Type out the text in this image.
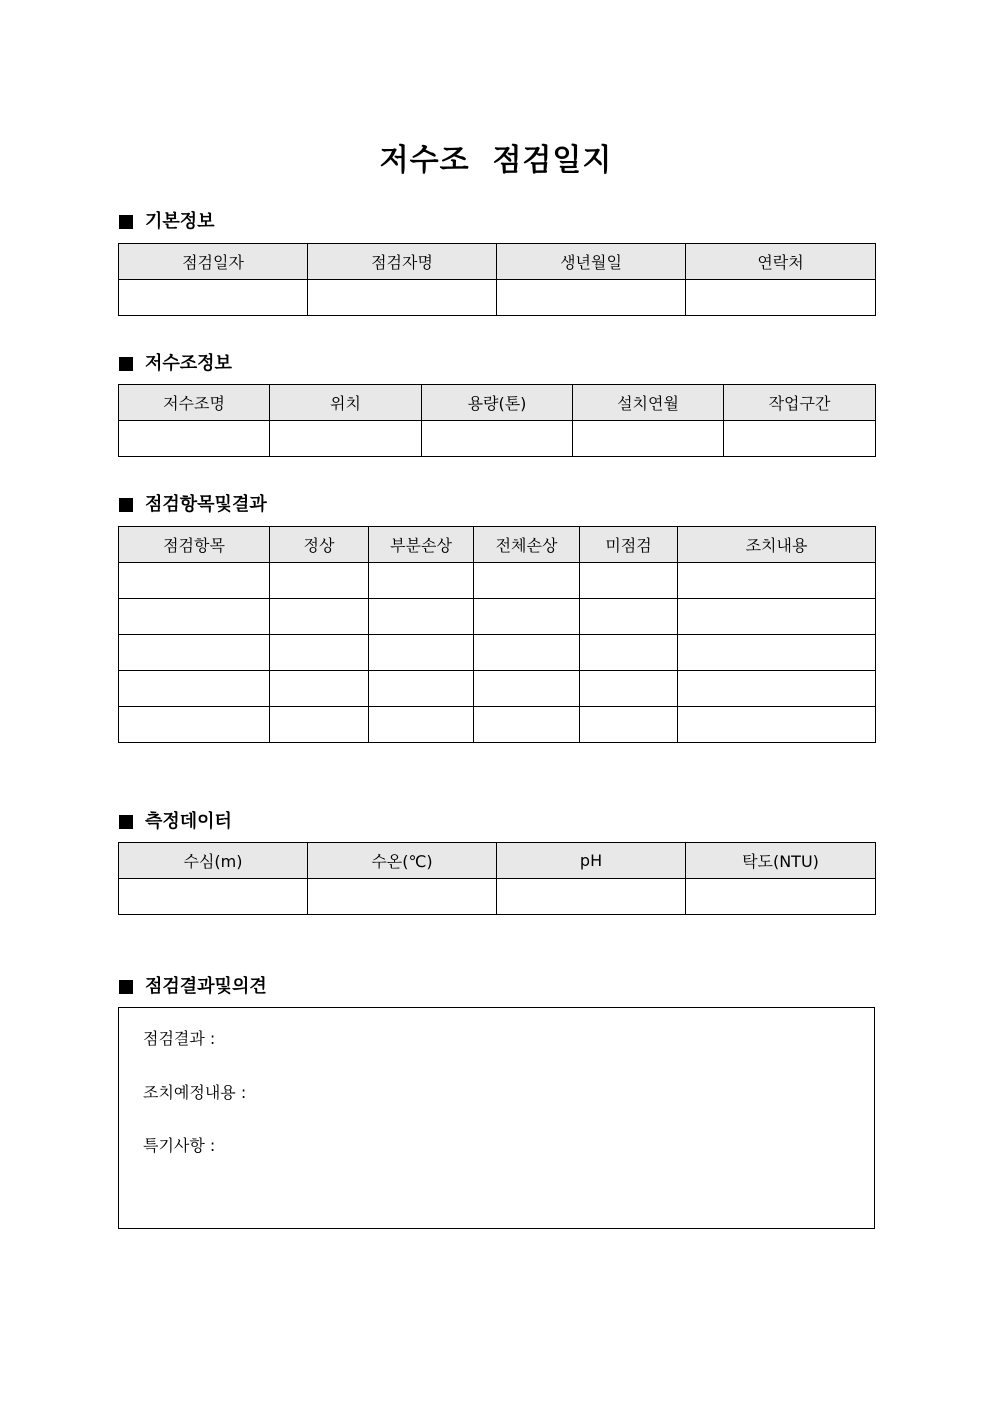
저수조  점검일지
기본정보
점검일자	점검자명	생년월일	연락처

저수조정보
저수조명	위치	용량(톤)	설치연월	작업구간

점검항목및결과
점검항목	정상	부분손상	전체손상	미점검	조치내용

측정데이터
수심(m)	수온(℃)	pH	탁도(NTU)

점검결과및의견
점검결과 :
조치예정내용 :
특기사항 :
